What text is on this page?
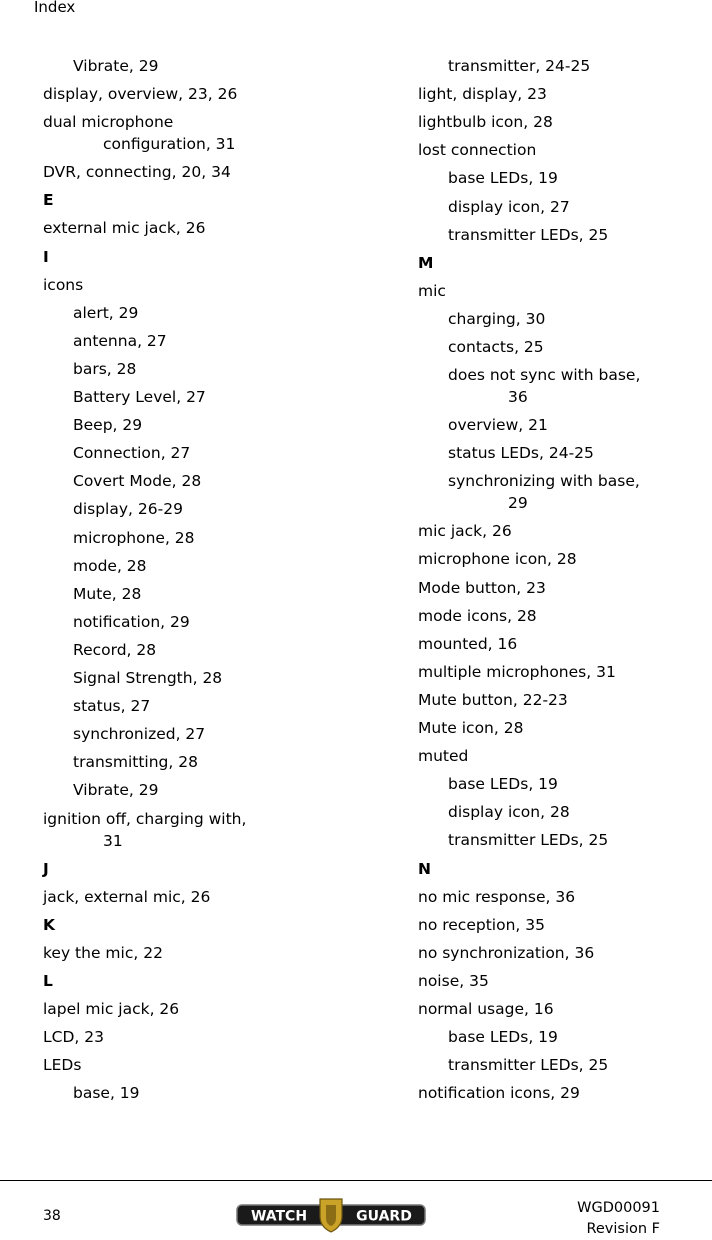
Index
Vibrate, 29
display, overview, 23, 26
dual microphone
configuration, 31
DVR, connecting, 20, 34
E
external mic jack, 26
I
icons
alert, 29
antenna, 27
bars, 28
Battery Level, 27
Beep, 29
Connection, 27
Covert Mode, 28
display, 26-29
microphone, 28
mode, 28
Mute, 28
notification, 29
Record, 28
Signal Strength, 28
status, 27
synchronized, 27
transmitting, 28
Vibrate, 29
ignition off, charging with,
31
J
jack, external mic, 26
K
key the mic, 22
L
lapel mic jack, 26
LCD, 23
LEDs
base, 19
transmitter, 24-25
light, display, 23
lightbulb icon, 28
lost connection
base LEDs, 19
display icon, 27
transmitter LEDs, 25
M
mic
charging, 30
contacts, 25
does not sync with base,
36
overview, 21
status LEDs, 24-25
synchronizing with base,
29
mic jack, 26
microphone icon, 28
Mode button, 23
mode icons, 28
mounted, 16
multiple microphones, 31
Mute button, 22-23
Mute icon, 28
muted
base LEDs, 19
display icon, 28
transmitter LEDs, 25
N
no mic response, 36
no reception, 35
no synchronization, 36
noise, 35
normal usage, 16
base LEDs, 19
transmitter LEDs, 25
notification icons, 29
38	WATCH	GUARD
WGD00091
Revision F
